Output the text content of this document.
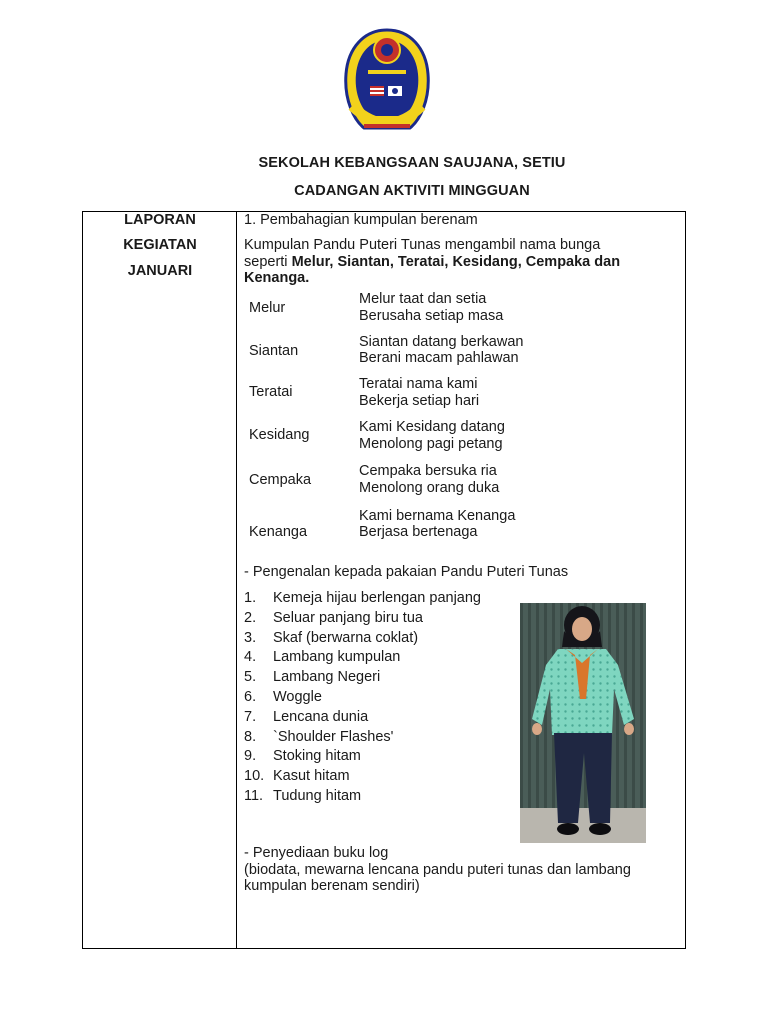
SEKOLAH KEBANGSAAN SAUJANA, SETIU
CADANGAN AKTIVITI MINGGUAN
LAPORAN
KEGIATAN
JANUARI
1. Pembahagian kumpulan berenam
Kumpulan Pandu Puteri Tunas mengambil nama bunga
seperti Melur, Siantan, Teratai, Kesidang, Cempaka dan
Kenanga.
Melur
Melur taat dan setia
Berusaha setiap masa
Siantan
Siantan datang berkawan
Berani macam pahlawan
Teratai	Teratai nama kami
Bekerja setiap hari
Kesidang	Kami Kesidang datang
Menolong pagi petang
Cempaka
Cempaka bersuka ria
Menolong orang duka
Kenanga
Kami bernama Kenanga
Berjasa bertenaga
- Pengenalan kepada pakaian Pandu Puteri Tunas
1. Kemeja hijau berlengan panjang
2. Seluar panjang biru tua
3. Skaf (berwarna coklat)
4. Lambang kumpulan
5. Lambang Negeri
6. Woggle
7. Lencana dunia
8. `Shoulder Flashes'
9. Stoking hitam
10. Kasut hitam
11. Tudung hitam
- Penyediaan buku log
(biodata, mewarna lencana pandu puteri tunas dan lambang
kumpulan berenam sendiri)
